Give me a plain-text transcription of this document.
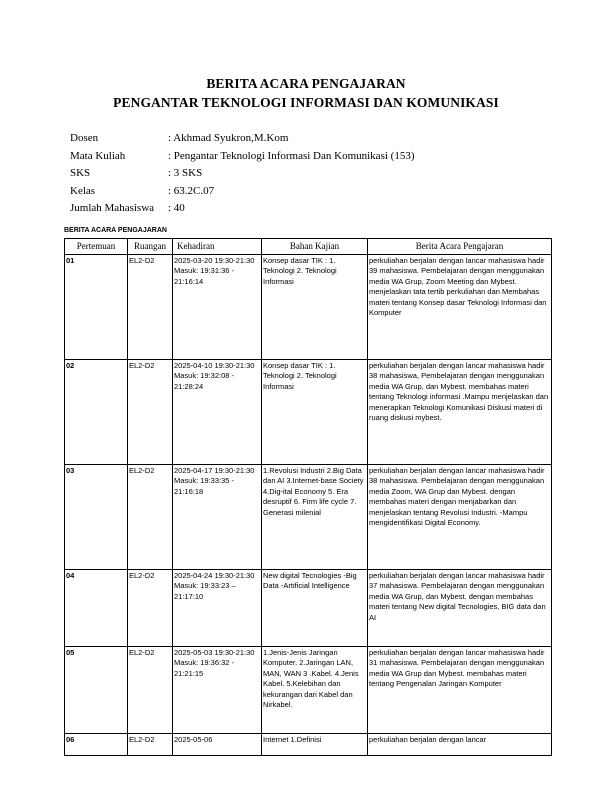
BERITA ACARA PENGAJARAN
PENGANTAR TEKNOLOGI INFORMASI DAN KOMUNIKASI
Dosen	: Akhmad Syukron,M.Kom
Mata Kuliah	: Pengantar Teknologi Informasi Dan Komunikasi (153)
SKS	: 3 SKS
Kelas	: 63.2C.07
Jumlah Mahasiswa : 40
BERITA ACARA PENGAJARAN
Pertemuan	Ruangan	Kehadiran	Bahan Kajian	Berita Acara Pengajaran
01	EL2-D2	2025-03-20 19:30-21:30 Masuk: 19:31:36 - 21:16:14	Konsep dasar TIK : 1. Teknologi 2. Teknologi Informasi	perkuliahan berjalan dengan lancar mahasiswa hadir 39 mahasiswa. Pembelajaran dengan menggunakan media WA Grup, Zoom Meeting dan Mybest. menjelaskan tata tertib perkuliahan dan Membahas materi tentang Konsep dasar Teknologi Informasi dan Komputer
02	EL2-D2	2025-04-10 19:30-21:30 Masuk: 19:32:08 - 21:28:24	Konsep dasar TIK : 1. Teknologi 2. Teknologi Informasi	perkuliahan berjalan dengan lancar mahasiswa hadir 38 mahasiswa, Pembelajaran dengan menggunakan media WA Grup, dan Mybest. membahas materi tentang Teknologi informasi .Mampu menjelaskan dan menerapkan Teknologi Komunikasi Diskusi materi di ruang diskusi mybest.
03	EL2-D2	2025-04-17 19:30-21:30 Masuk: 19:33:35 - 21:16:18	1.Revolusi Industri 2.Big Data dan AI 3.Internet-base Society 4.Dig-ital Economy 5. Era desruptif 6. Firm life cycle 7. Generasi milenial	perkuliahan berjalan dengan lancar mahasiswa hadir 38 mahasiswa. Pembelajaran dengan menggunakan media Zoom, WA Grup dan Mybest. dengan membahas materi dengan menjabarkan dan menjelaskan tentang Revolusi Industri. -Mampu mengidentifikasi Digital Economy.
04	EL2-D2	2025-04-24 19:30-21:30 Masuk: 19:33:23 – 21:17:10	New digital Tecnologies -Big Data -Artificial Intelligence	perkuliahan berjalan dengan lancar mahasiswa hadir 37 mahasiswa. Pembelajaran dengan menggunakan media WA Grup, dan Mybest. dengan membahas materi tentang New digital Tecnologies, BIG data dan AI
05	EL2-D2	2025-05-03 19:30-21:30 Masuk: 19:36:32 - 21:21:15	1.Jenis-Jenis Jaringan Komputer. 2.Jaringan LAN, MAN, WAN 3 .Kabel. 4.Jenis Kabel. 5.Kelebihan dan kekurangan dari Kabel dan Nirkabel.	perkuliahan berjalan dengan lancar mahasiswa hadir 31 mahasiswa. Pembelajaran dengan menggunakan media WA Grup dan Mybest. membahas materi tentang Pengenalan Jaringan Komputer
06	EL2-D2	2025-05-06	Internet 1.Definisi	perkuliahan berjalan dengan lancar
